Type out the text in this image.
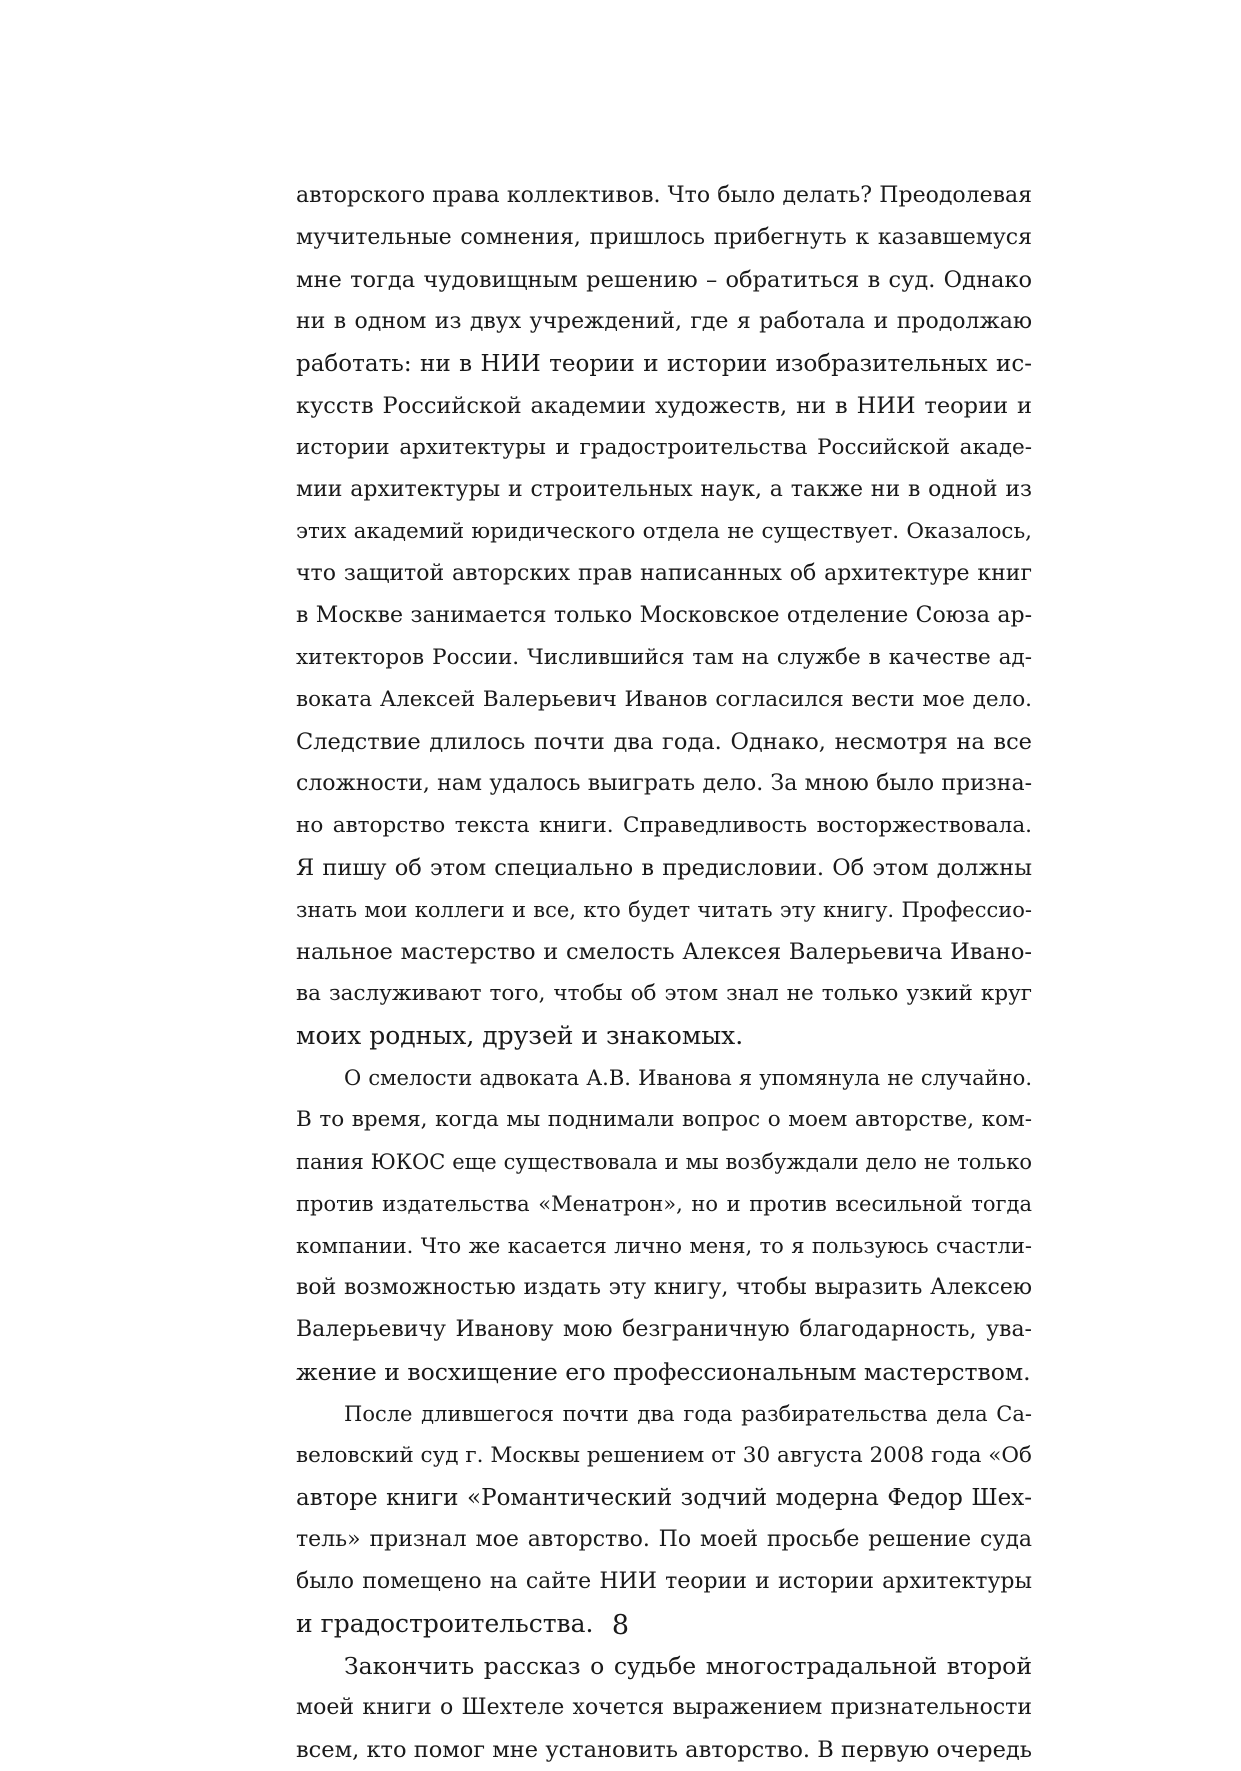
авторского права коллективов. Что было делать? Преодолевая
мучительные сомнения, пришлось прибегнуть к казавшемуся
мне тогда чудовищным решению – обратиться в суд. Однако
ни в одном из двух учреждений, где я работала и продолжаю
работать: ни в НИИ теории и истории изобразительных ис-
кусств Российской академии художеств, ни в НИИ теории и
истории архитектуры и градостроительства Российской акаде-
мии архитектуры и строительных наук, а также ни в одной из
этих академий юридического отдела не существует. Оказалось,
что защитой авторских прав написанных об архитектуре книг
в Москве занимается только Московское отделение Союза ар-
хитекторов России. Числившийся там на службе в качестве ад-
воката Алексей Валерьевич Иванов согласился вести мое дело.
Следствие длилось почти два года. Однако, несмотря на все
сложности, нам удалось выиграть дело. За мною было призна-
но авторство текста книги. Справедливость восторжествовала.
Я пишу об этом специально в предисловии. Об этом должны
знать мои коллеги и все, кто будет читать эту книгу. Профессио-
нальное мастерство и смелость Алексея Валерьевича Ивано-
ва заслуживают того, чтобы об этом знал не только узкий круг
моих родных, друзей и знакомых.
О смелости адвоката А.В. Иванова я упомянула не случайно.
В то время, когда мы поднимали вопрос о моем авторстве, ком-
пания ЮКОС еще существовала и мы возбуждали дело не только
против издательства «Менатрон», но и против всесильной тогда
компании. Что же касается лично меня, то я пользуюсь счастли-
вой возможностью издать эту книгу, чтобы выразить Алексею
Валерьевичу Иванову мою безграничную благодарность, ува-
жение и восхищение его профессиональным мастерством.
После длившегося почти два года разбирательства дела Са-
веловский суд г. Москвы решением от 30 августа 2008 года «Об
авторе книги «Романтический зодчий модерна Федор Шех-
тель» признал мое авторство. По моей просьбе решение суда
было помещено на сайте НИИ теории и истории архитектуры
и градостроительства.
Закончить рассказ о судьбе многострадальной второй
моей книги о Шехтеле хочется выражением признательности
всем, кто помог мне установить авторство. В первую очередь
8
